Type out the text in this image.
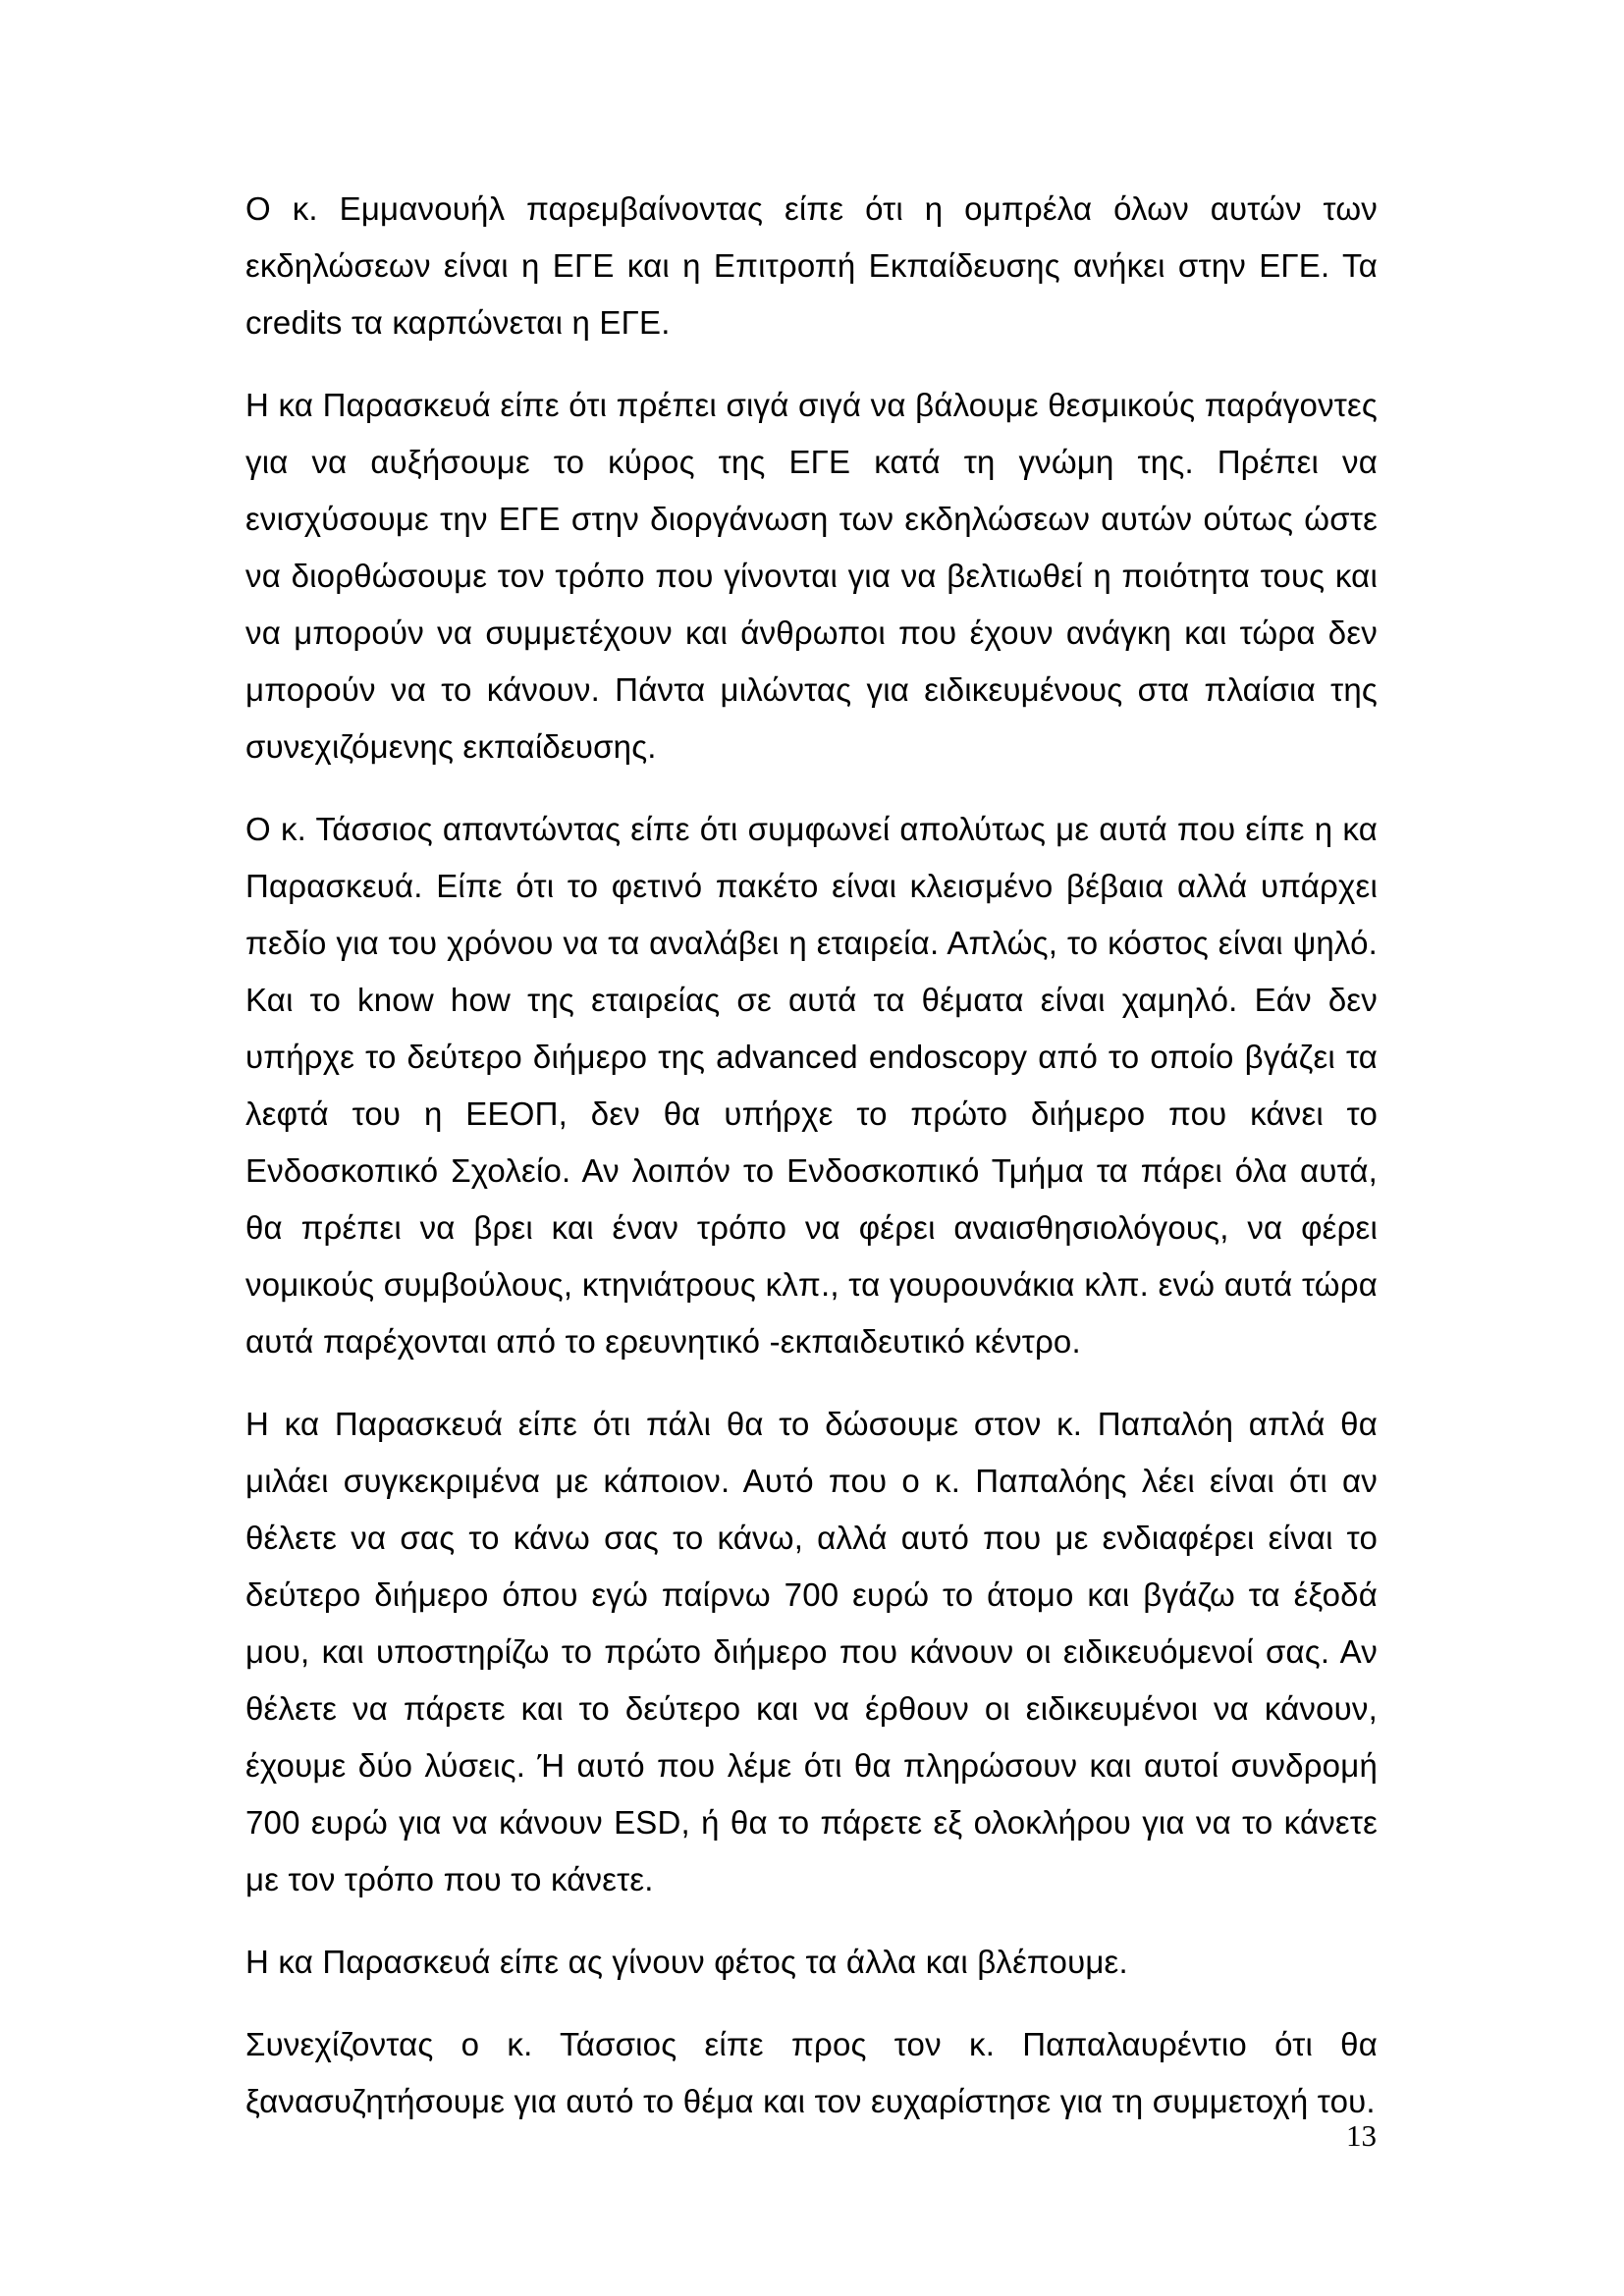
Ο κ. Εμμανουήλ παρεμβαίνοντας είπε ότι η ομπρέλα όλων αυτών των εκδηλώσεων είναι η ΕΓΕ και η Επιτροπή Εκπαίδευσης ανήκει στην ΕΓΕ. Τα credits τα καρπώνεται η ΕΓΕ.

Η κα Παρασκευά είπε ότι πρέπει σιγά σιγά να βάλουμε θεσμικούς παράγοντες για να αυξήσουμε το κύρος της ΕΓΕ κατά τη γνώμη της. Πρέπει να ενισχύσουμε την ΕΓΕ στην διοργάνωση των εκδηλώσεων αυτών ούτως ώστε να διορθώσουμε τον τρόπο που γίνονται για να βελτιωθεί η ποιότητα τους και να μπορούν να συμμετέχουν και άνθρωποι που έχουν ανάγκη και τώρα δεν μπορούν να το κάνουν. Πάντα μιλώντας για ειδικευμένους στα πλαίσια της συνεχιζόμενης εκπαίδευσης.

Ο κ. Τάσσιος απαντώντας είπε ότι συμφωνεί απολύτως με αυτά που είπε η κα Παρασκευά. Είπε ότι το φετινό πακέτο είναι κλεισμένο βέβαια αλλά υπάρχει πεδίο για του χρόνου να τα αναλάβει η εταιρεία. Απλώς, το κόστος είναι ψηλό. Και το know how της εταιρείας σε αυτά τα θέματα είναι χαμηλό. Εάν δεν υπήρχε το δεύτερο διήμερο της advanced endoscopy από το οποίο βγάζει τα λεφτά του η ΕΕΟΠ, δεν θα υπήρχε το πρώτο διήμερο που κάνει το Ενδοσκοπικό Σχολείο. Αν λοιπόν το Ενδοσκοπικό Τμήμα τα πάρει όλα αυτά, θα πρέπει να βρει και έναν τρόπο να φέρει αναισθησιολόγους, να φέρει νομικούς συμβούλους, κτηνιάτρους κλπ., τα γουρουνάκια κλπ. ενώ αυτά τώρα αυτά παρέχονται από το ερευνητικό -εκπαιδευτικό κέντρο.

Η κα Παρασκευά είπε ότι πάλι θα το δώσουμε στον κ. Παπαλόη απλά θα μιλάει συγκεκριμένα με κάποιον. Αυτό που ο κ. Παπαλόης λέει είναι ότι αν θέλετε να σας το κάνω σας το κάνω, αλλά αυτό που με ενδιαφέρει είναι το δεύτερο διήμερο όπου εγώ παίρνω 700 ευρώ το άτομο και βγάζω τα έξοδά μου, και υποστηρίζω το πρώτο διήμερο που κάνουν οι ειδικευόμενοί σας. Αν θέλετε να πάρετε και το δεύτερο και να έρθουν οι ειδικευμένοι να κάνουν, έχουμε δύο λύσεις. Ή αυτό που λέμε ότι θα πληρώσουν και αυτοί συνδρομή 700 ευρώ για να κάνουν ESD, ή θα το πάρετε εξ ολοκλήρου για να το κάνετε με τον τρόπο που το κάνετε.

Η κα Παρασκευά είπε ας γίνουν φέτος τα άλλα και βλέπουμε.

Συνεχίζοντας ο κ. Τάσσιος είπε προς τον κ. Παπαλαυρέντιο ότι θα ξανασυζητήσουμε για αυτό το θέμα και τον ευχαρίστησε για τη συμμετοχή του.

13
